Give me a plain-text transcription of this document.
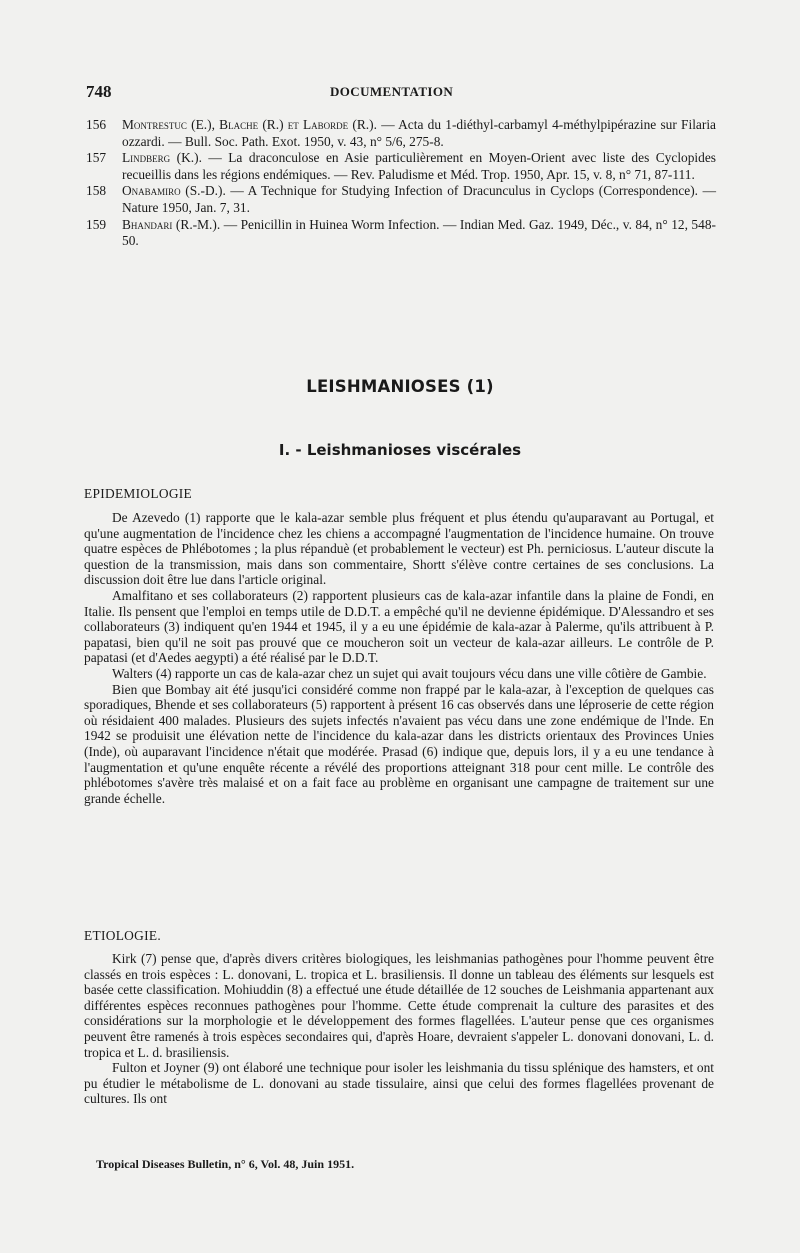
748	DOCUMENTATION
156 Montrestuc (E.), Blache (R.) et Laborde (R.). — Acta du 1-diéthyl-carbamyl 4-méthylpipérazine sur Filaria ozzardi. — Bull. Soc. Path. Exot. 1950, v. 43, n° 5/6, 275-8.
157 Lindberg (K.). — La draconculose en Asie particulièrement en Moyen-Orient avec liste des Cyclopides recueillis dans les régions endémiques. — Rev. Paludisme et Méd. Trop. 1950, Apr. 15, v. 8, n° 71, 87-111.
158 Onabamiro (S.-D.). — A Technique for Studying Infection of Dracunculus in Cyclops (Correspondence). — Nature 1950, Jan. 7, 31.
159 Bhandari (R.-M.). — Penicillin in Huinea Worm Infection. — Indian Med. Gaz. 1949, Déc., v. 84, n° 12, 548-50.
LEISHMANIOSES (1)
I. - Leishmanioses viscérales
EPIDEMIOLOGIE

De Azevedo (1) rapporte que le kala-azar semble plus fréquent et plus étendu qu'auparavant au Portugal, et qu'une augmentation de l'incidence chez les chiens a accompagné l'augmentation de l'incidence humaine. On trouve quatre espèces de Phlébotomes ; la plus répanduè (et probablement le vecteur) est Ph. perniciosus. L'auteur discute la question de la transmission, mais dans son commentaire, Shortt s'élève contre certaines de ses conclusions. La discussion doit être lue dans l'article original.

Amalfitano et ses collaborateurs (2) rapportent plusieurs cas de kala-azar infantile dans la plaine de Fondi, en Italie. Ils pensent que l'emploi en temps utile de D.D.T. a empêché qu'il ne devienne épidémique. D'Alessandro et ses collaborateurs (3) indiquent qu'en 1944 et 1945, il y a eu une épidémie de kala-azar à Palerme, qu'ils attribuent à P. papatasi, bien qu'il ne soit pas prouvé que ce moucheron soit un vecteur de kala-azar ailleurs. Le contrôle de P. papatasi (et d'Aedes aegypti) a été réalisé par le D.D.T.

Walters (4) rapporte un cas de kala-azar chez un sujet qui avait toujours vécu dans une ville côtière de Gambie.

Bien que Bombay ait été jusqu'ici considéré comme non frappé par le kala-azar, à l'exception de quelques cas sporadiques, Bhende et ses collaborateurs (5) rapportent à présent 16 cas observés dans une léproserie de cette région où résidaient 400 malades. Plusieurs des sujets infectés n'avaient pas vécu dans une zone endémique de l'Inde. En 1942 se produisit une élévation nette de l'incidence du kala-azar dans les districts orientaux des Provinces Unies (Inde), où auparavant l'incidence n'était que modérée. Prasad (6) indique que, depuis lors, il y a eu une tendance à l'augmentation et qu'une enquête récente a révélé des proportions atteignant 318 pour cent mille. Le contrôle des phlébotomes s'avère très malaisé et on a fait face au problème en organisant une campagne de traitement sur une grande échelle.

ETIOLOGIE.

Kirk (7) pense que, d'après divers critères biologiques, les leishmanias pathogènes pour l'homme peuvent être classés en trois espèces : L. donovani, L. tropica et L. brasiliensis. Il donne un tableau des éléments sur lesquels est basée cette classification. Mohiuddin (8) a effectué une étude détaillée de 12 souches de Leishmania appartenant aux différentes espèces reconnues pathogènes pour l'homme. Cette étude comprenait la culture des parasites et des considérations sur la morphologie et le développement des formes flagellées. L'auteur pense que ces organismes peuvent être ramenés à trois espèces secondaires qui, d'après Hoare, devraient s'appeler L. donovani donovani, L. d. tropica et L. d. brasiliensis.

Fulton et Joyner (9) ont élaboré une technique pour isoler les leishmania du tissu splénique des hamsters, et ont pu étudier le métabolisme de L. donovani au stade tissulaire, ainsi que celui des formes flagellées provenant de cultures. Ils ont

Tropical Diseases Bulletin, n° 6, Vol. 48, Juin 1951.
